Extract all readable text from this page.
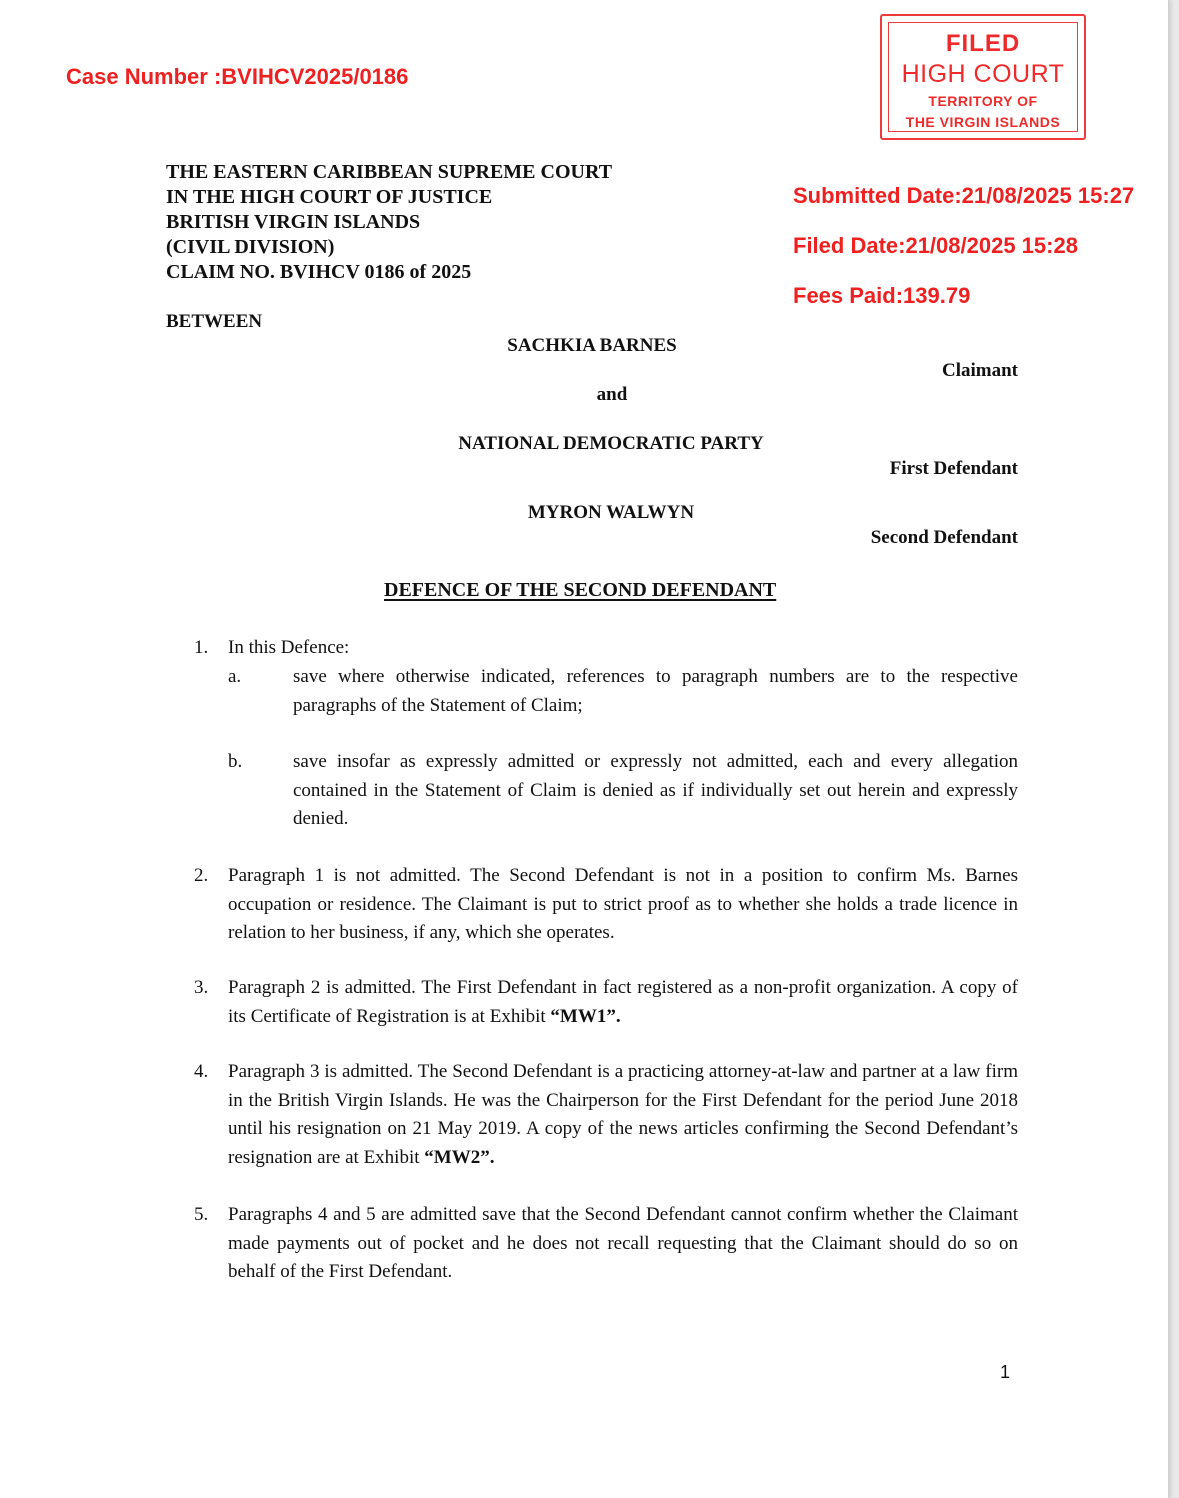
Case Number :BVIHCV2025/0186
FILED
HIGH COURT
TERRITORY OF
THE VIRGIN ISLANDS
Submitted Date:21/08/2025 15:27
Filed Date:21/08/2025 15:28
Fees Paid:139.79
THE EASTERN CARIBBEAN SUPREME COURT
IN THE HIGH COURT OF JUSTICE
BRITISH VIRGIN ISLANDS
(CIVIL DIVISION)
CLAIM NO. BVIHCV 0186 of 2025
BETWEEN
SACHKIA BARNES
Claimant
and
NATIONAL DEMOCRATIC PARTY
First Defendant
MYRON WALWYN
Second Defendant
DEFENCE OF THE SECOND DEFENDANT
1. In this Defence:
a.	save where otherwise indicated, references to paragraph numbers are to the respective paragraphs of the Statement of Claim;
b.	save insofar as expressly admitted or expressly not admitted, each and every allegation contained in the Statement of Claim is denied as if individually set out herein and expressly denied.
2. Paragraph 1 is not admitted. The Second Defendant is not in a position to confirm Ms. Barnes occupation or residence. The Claimant is put to strict proof as to whether she holds a trade licence in relation to her business, if any, which she operates.
3. Paragraph 2 is admitted. The First Defendant in fact registered as a non-profit organization. A copy of its Certificate of Registration is at Exhibit “MW1”.
4. Paragraph 3 is admitted. The Second Defendant is a practicing attorney-at-law and partner at a law firm in the British Virgin Islands. He was the Chairperson for the First Defendant for the period June 2018 until his resignation on 21 May 2019. A copy of the news articles confirming the Second Defendant’s resignation are at Exhibit “MW2”.
5. Paragraphs 4 and 5 are admitted save that the Second Defendant cannot confirm whether the Claimant made payments out of pocket and he does not recall requesting that the Claimant should do so on behalf of the First Defendant.
1
